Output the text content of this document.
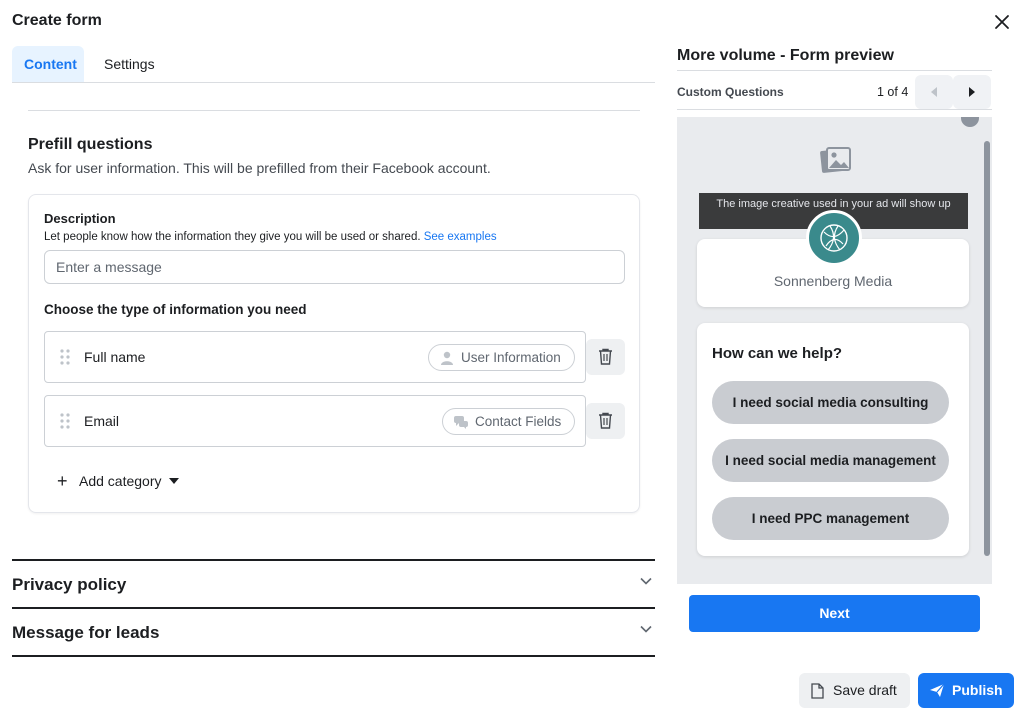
Create form
Content	Settings
Prefill questions
Ask for user information. This will be prefilled from their Facebook account.
Description
Let people know how the information they give you will be used or shared. See examples
Enter a message
Choose the type of information you need
Full name	User Information
Email	Contact Fields
+ Add category
Privacy policy
Message for leads
More volume - Form preview
Custom Questions	1 of 4
The image creative used in your ad will show up
Sonnenberg Media
How can we help?
I need social media consulting
I need social media management
I need PPC management
Next
Save draft	Publish
